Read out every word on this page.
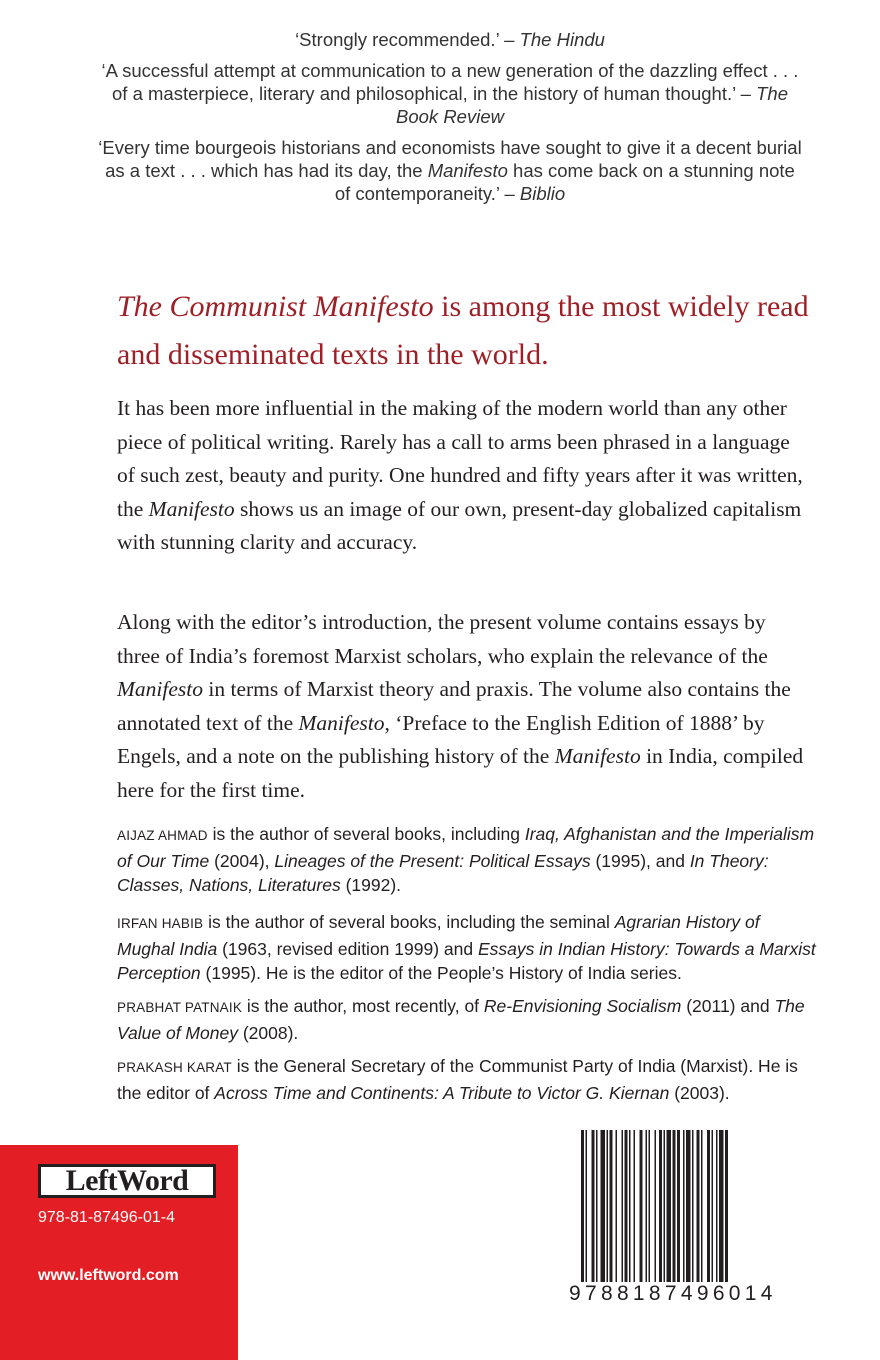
‘Strongly recommended.’ – The Hindu

‘A successful attempt at communication to a new generation of the dazzling effect . . . of a masterpiece, literary and philosophical, in the history of human thought.’ – The Book Review

‘Every time bourgeois historians and economists have sought to give it a decent burial as a text . . . which has had its day, the Manifesto has come back on a stunning note of contemporaneity.’ – Biblio

The Communist Manifesto is among the most widely read and disseminated texts in the world.

It has been more influential in the making of the modern world than any other piece of political writing. Rarely has a call to arms been phrased in a language of such zest, beauty and purity. One hundred and fifty years after it was written, the Manifesto shows us an image of our own, present-day globalized capitalism with stunning clarity and accuracy.

Along with the editor’s introduction, the present volume contains essays by three of India’s foremost Marxist scholars, who explain the relevance of the Manifesto in terms of Marxist theory and praxis. The volume also contains the annotated text of the Manifesto, ‘Preface to the English Edition of 1888’ by Engels, and a note on the publishing history of the Manifesto in India, compiled here for the first time.

AIJAZ AHMAD is the author of several books, including Iraq, Afghanistan and the Imperialism of Our Time (2004), Lineages of the Present: Political Essays (1995), and In Theory: Classes, Nations, Literatures (1992).

IRFAN HABIB is the author of several books, including the seminal Agrarian History of Mughal India (1963, revised edition 1999) and Essays in Indian History: Towards a Marxist Perception (1995). He is the editor of the People’s History of India series.

PRABHAT PATNAIK is the author, most recently, of Re-Envisioning Socialism (2011) and The Value of Money (2008).

PRAKASH KARAT is the General Secretary of the Communist Party of India (Marxist). He is the editor of Across Time and Continents: A Tribute to Victor G. Kiernan (2003).

LeftWord
978-81-87496-01-4
www.leftword.com
9788187496014
